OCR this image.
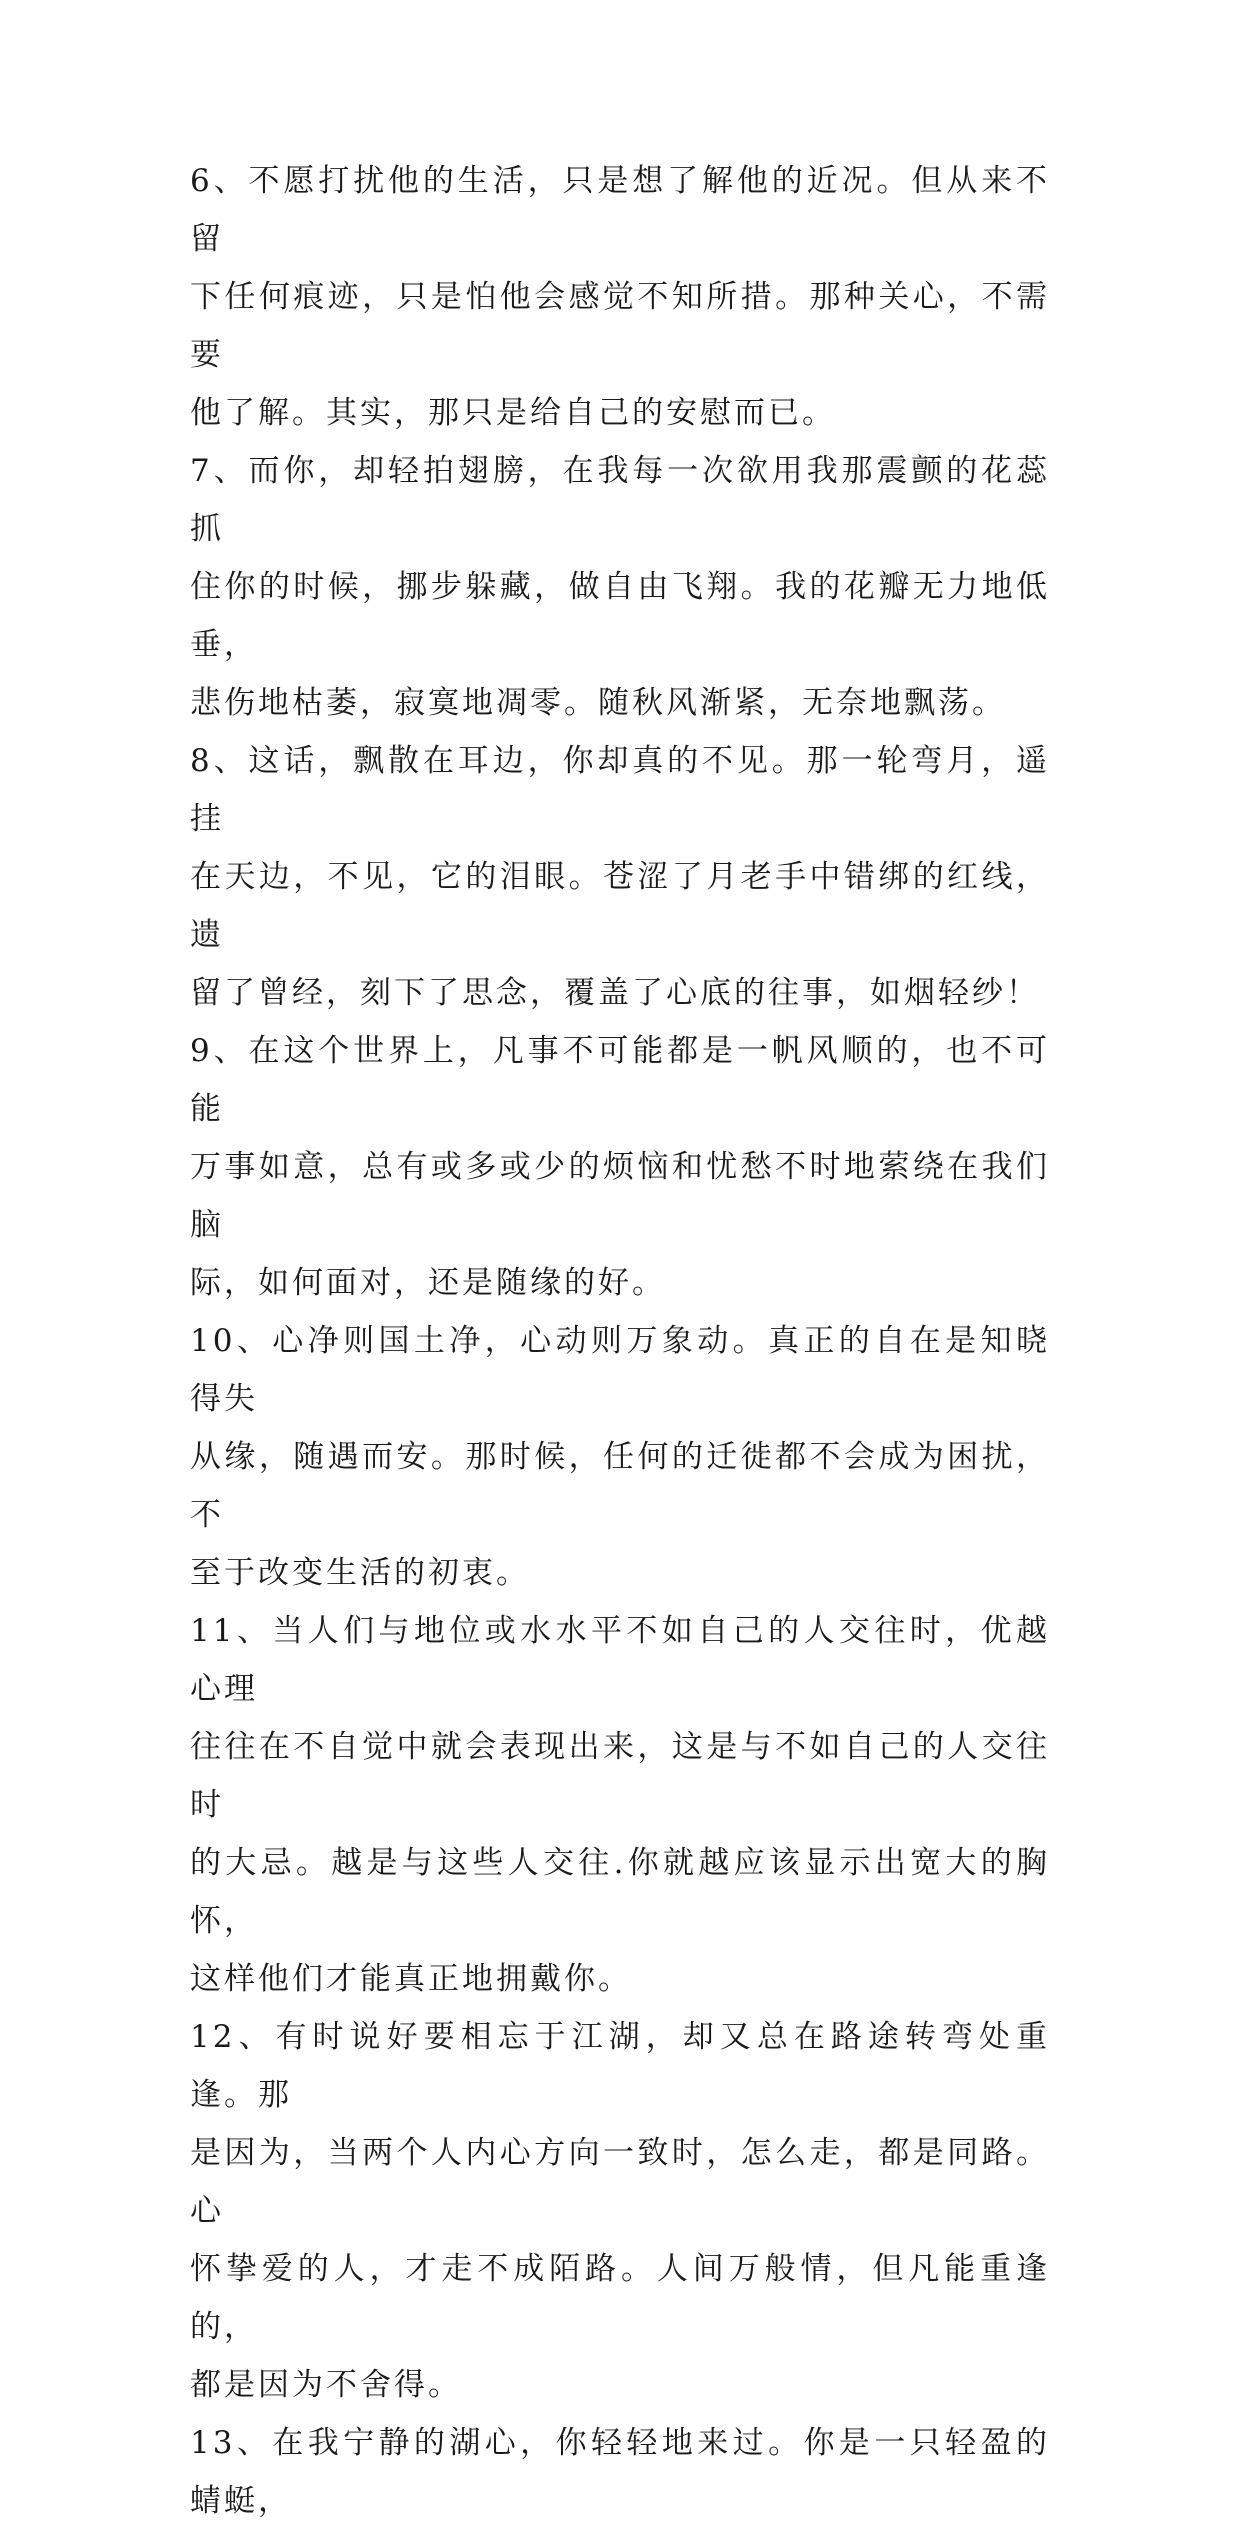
6、不愿打扰他的生活，只是想了解他的近况。但从来不留
下任何痕迹，只是怕他会感觉不知所措。那种关心，不需要
他了解。其实，那只是给自己的安慰而已。

7、而你，却轻拍翅膀，在我每一次欲用我那震颤的花蕊抓
住你的时候，挪步躲藏，做自由飞翔。我的花瓣无力地低垂，
悲伤地枯萎，寂寞地凋零。随秋风渐紧，无奈地飘荡。

8、这话，飘散在耳边，你却真的不见。那一轮弯月，遥挂
在天边，不见，它的泪眼。苍涩了月老手中错绑的红线，遗
留了曾经，刻下了思念，覆盖了心底的往事，如烟轻纱！

9、在这个世界上，凡事不可能都是一帆风顺的，也不可能
万事如意，总有或多或少的烦恼和忧愁不时地萦绕在我们脑
际，如何面对，还是随缘的好。

10、心净则国土净，心动则万象动。真正的自在是知晓得失
从缘，随遇而安。那时候，任何的迁徙都不会成为困扰，不
至于改变生活的初衷。

11、当人们与地位或水水平不如自己的人交往时，优越心理
往往在不自觉中就会表现出来，这是与不如自己的人交往时
的大忌。越是与这些人交往.你就越应该显示出宽大的胸怀，
这样他们才能真正地拥戴你。

12、有时说好要相忘于江湖，却又总在路途转弯处重逢。那
是因为，当两个人内心方向一致时，怎么走，都是同路。心
怀挚爱的人，才走不成陌路。人间万般情，但凡能重逢的，
都是因为不舍得。

13、在我宁静的湖心，你轻轻地来过。你是一只轻盈的蜻蜓，
